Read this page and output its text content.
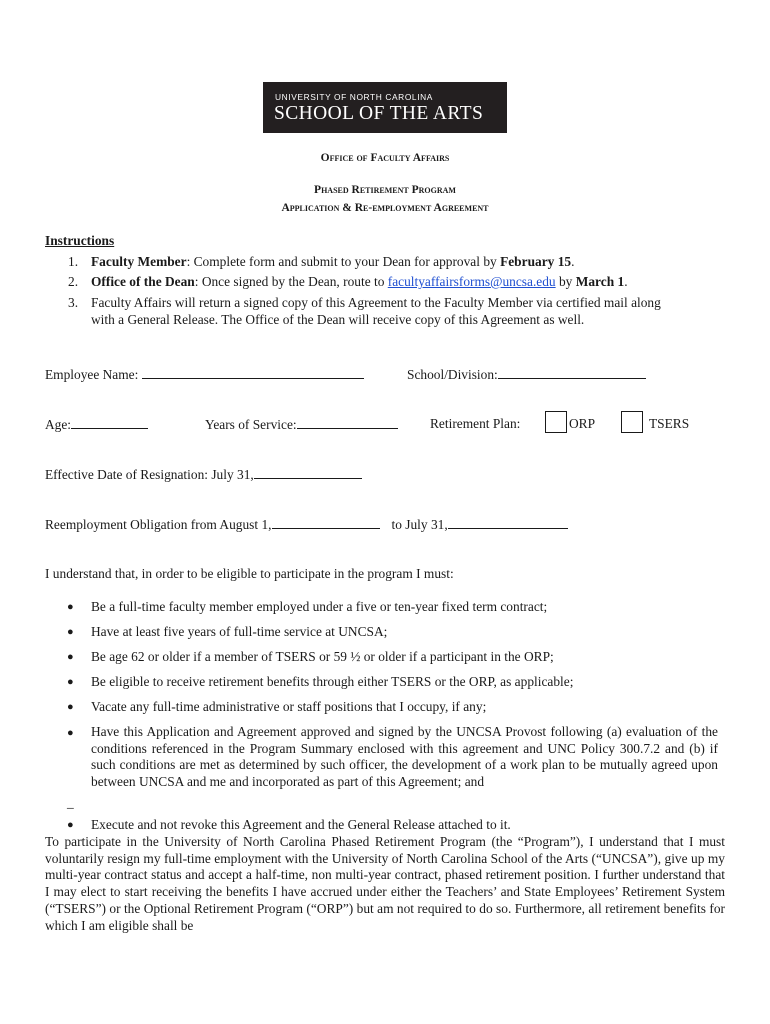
UNIVERSITY OF NORTH CAROLINA
SCHOOL OF THE ARTS
Office of Faculty Affairs
Phased Retirement Program
Application & Re-employment Agreement
Instructions
1. Faculty Member: Complete form and submit to your Dean for approval by February 15.
2. Office of the Dean: Once signed by the Dean, route to facultyaffairsforms@uncsa.edu by March 1.
3. Faculty Affairs will return a signed copy of this Agreement to the Faculty Member via certified mail along
with a General Release. The Office of the Dean will receive copy of this Agreement as well.
Employee Name:	School/Division:
Age:	Years of Service:	Retirement Plan:	ORP	TSERS
Effective Date of Resignation: July 31,
Reemployment Obligation from August 1,	to July 31,
I understand that, in order to be eligible to participate in the program I must:
● Be a full-time faculty member employed under a five or ten-year fixed term contract;
● Have at least five years of full-time service at UNCSA;
● Be age 62 or older if a member of TSERS or 59 ½ or older if a participant in the ORP;
● Be eligible to receive retirement benefits through either TSERS or the ORP, as applicable;
● Vacate any full-time administrative or staff positions that I occupy, if any;
● Have this Application and Agreement approved and signed by the UNCSA Provost following (a) evaluation of the conditions referenced in the Program Summary enclosed with this agreement and UNC Policy 300.7.2 and (b) if such conditions are met as determined by such officer, the development of a work plan to be mutually agreed upon between UNCSA and me and incorporated as part of this Agreement; and
_
● Execute and not revoke this Agreement and the General Release attached to it.
To participate in the University of North Carolina Phased Retirement Program (the “Program”), I understand that I must voluntarily resign my full-time employment with the University of North Carolina School of the Arts (“UNCSA”), give up my multi-year contract status and accept a half-time, non multi-year contract, phased retirement position. I further understand that I may elect to start receiving the benefits I have accrued under either the Teachers’ and State Employees’ Retirement System (“TSERS”) or the Optional Retirement Program (“ORP”) but am not required to do so. Furthermore, all retirement benefits for which I am eligible shall be
